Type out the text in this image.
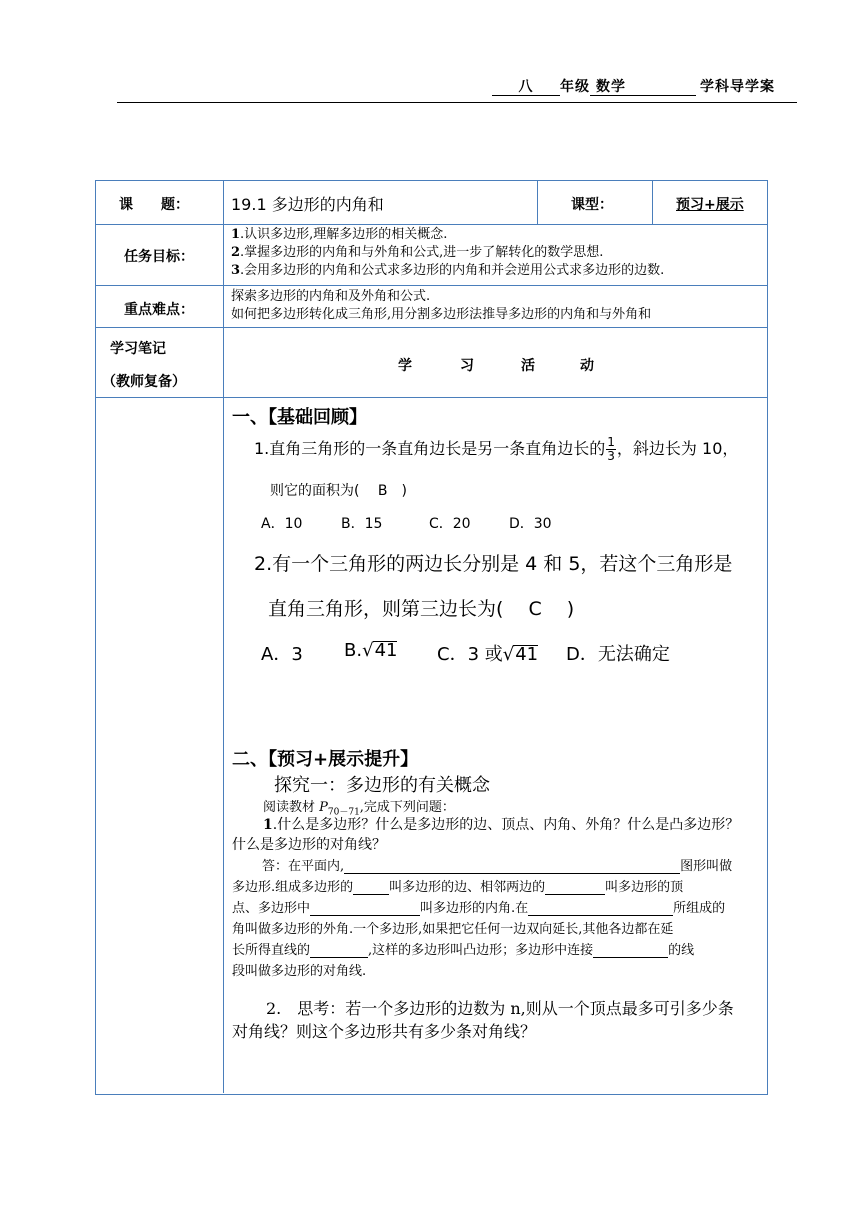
八 年级 数学	学科导学案
课　　题：	19.1 多边形的内角和	课型：	预习+展示
任务目标：
1.认识多边形,理解多边形的相关概念.
2.掌握多边形的内角和与外角和公式,进一步了解转化的数学思想.
3.会用多边形的内角和公式求多边形的内角和并会逆用公式求多边形的边数.
重点难点：
探索多边形的内角和及外角和公式.
如何把多边形转化成三角形,用分割多边形法推导多边形的内角和与外角和
学习笔记
（教师复备）
学	习	活	动
一、【基础回顾】
1.直角三角形的一条直角边长是另一条直角边长的 $\frac{1}{3}$ ，斜边长为 10，
则它的面积为(　 B　)
A．10	B．15	C．20	D．30
2.有一个三角形的两边长分别是 4 和 5，若这个三角形是
直角三角形，则第三边长为(　 C　 )
A．3 B.√41 C．3 或√41 D．无法确定
二、【预习+展示提升】
探究一：多边形的有关概念
阅读教材 $P_{70-71}$,完成下列问题：
1.什么是多边形？什么是多边形的边、顶点、内角、外角？什么是凸多边形？
什么是多边形的对角线？
答：在平面内,	图形叫做
多边形.组成多边形的	叫多边形的边、相邻两边的	叫多边形的顶
点、多边形中	叫多边形的内角.在	所组成的
角叫做多边形的外角.一个多边形,如果把它任何一边双向延长,其他各边都在延
长所得直线的	,这样的多边形叫凸边形；多边形中连接	的线
段叫做多边形的对角线.
2.　思考：若一个多边形的边数为 n,则从一个顶点最多可引多少条
对角线？则这个多边形共有多少条对角线？
